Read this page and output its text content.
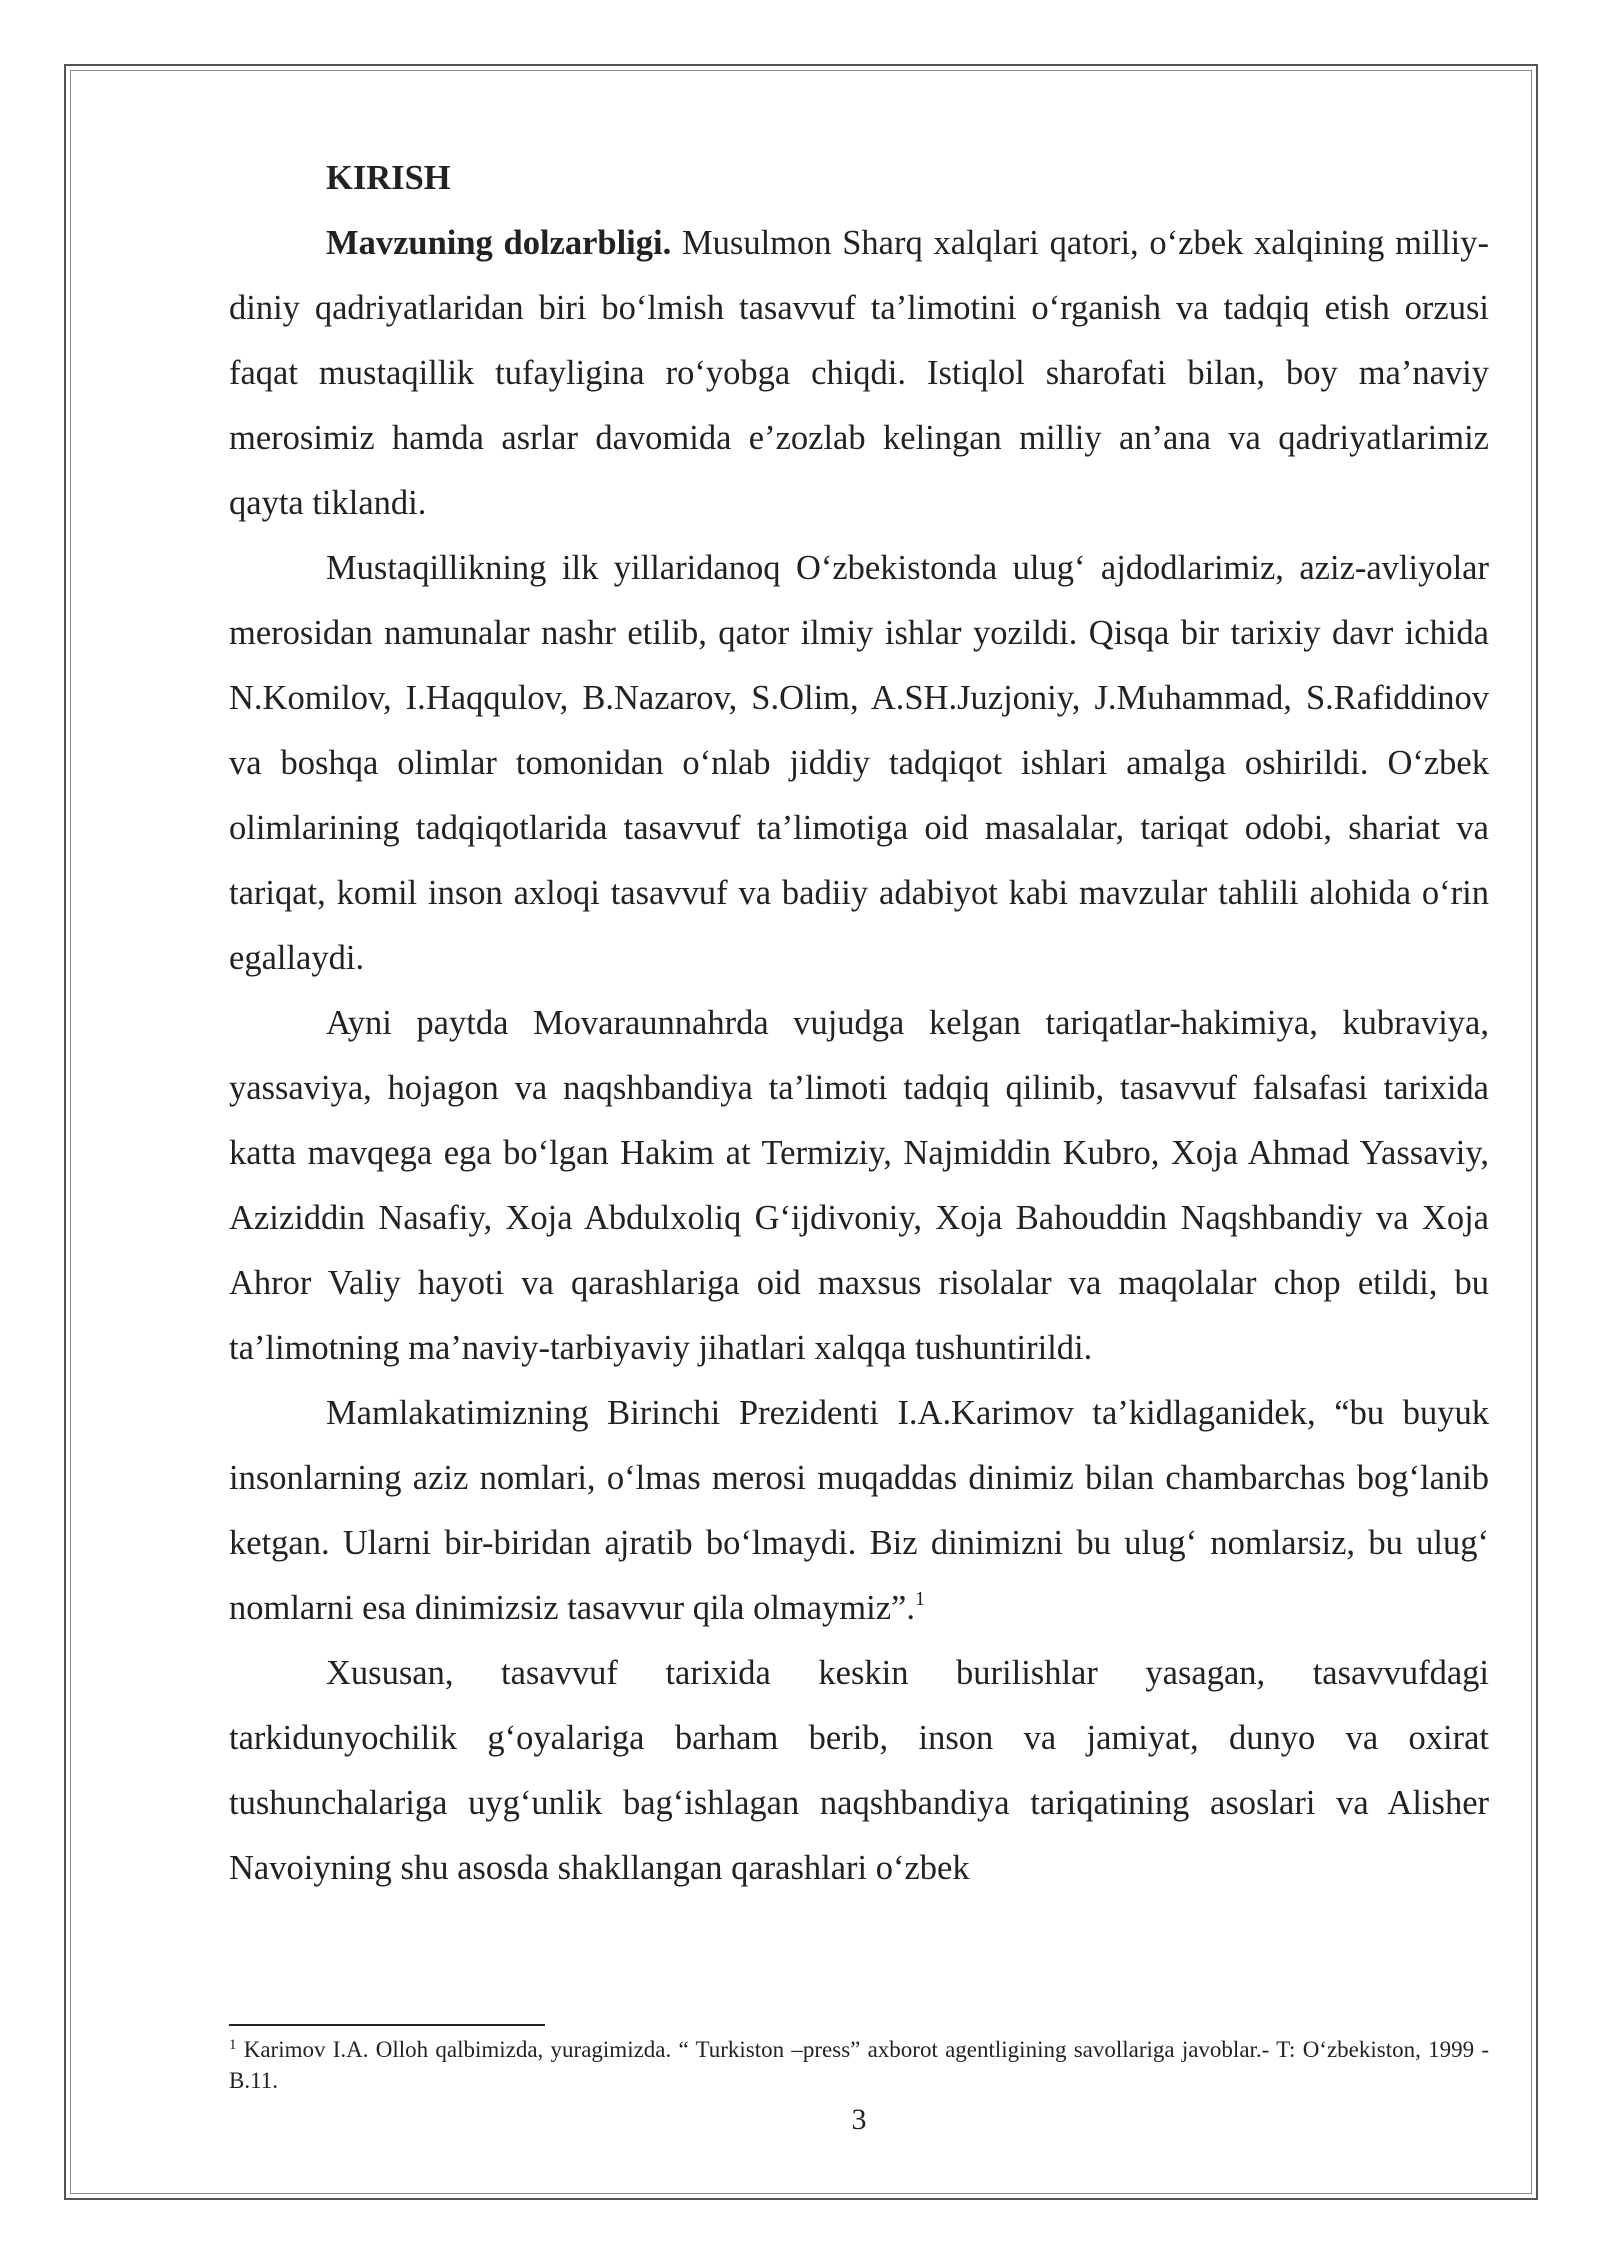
KIRISH

Mavzuning dolzarbligi. Musulmon Sharq xalqlari qatori, o‘zbek xalqining milliy-diniy qadriyatlaridan biri bo‘lmish tasavvuf ta’limotini o‘rganish va tadqiq etish orzusi faqat mustaqillik tufayligina ro‘yobga chiqdi. Istiqlol sharofati bilan, boy ma’naviy merosimiz hamda asrlar davomida e’zozlab kelingan milliy an’ana va qadriyatlarimiz qayta tiklandi.

Mustaqillikning ilk yillaridanoq O‘zbekistonda ulug‘ ajdodlarimiz, aziz-avliyolar merosidan namunalar nashr etilib, qator ilmiy ishlar yozildi. Qisqa bir tarixiy davr ichida N.Komilov, I.Haqqulov, B.Nazarov, S.Olim, A.SH.Juzjoniy, J.Muhammad, S.Rafiddinov va boshqa olimlar tomonidan o‘nlab jiddiy tadqiqot ishlari amalga oshirildi. O‘zbek olimlarining tadqiqotlarida tasavvuf ta’limotiga oid masalalar, tariqat odobi, shariat va tariqat, komil inson axloqi tasavvuf va badiiy adabiyot kabi mavzular tahlili alohida o‘rin egallaydi.

Ayni paytda Movaraunnahrda vujudga kelgan tariqatlar-hakimiya, kubraviya, yassaviya, hojagon va naqshbandiya ta’limoti tadqiq qilinib, tasavvuf falsafasi tarixida katta mavqega ega bo‘lgan Hakim at Termiziy, Najmiddin Kubro, Xoja Ahmad Yassaviy, Aziziddin Nasafiy, Xoja Abdulxoliq G‘ijdivoniy, Xoja Bahouddin Naqshbandiy va Xoja Ahror Valiy hayoti va qarashlariga oid maxsus risolalar va maqolalar chop etildi, bu ta’limotning ma’naviy-tarbiyaviy jihatlari xalqqa tushuntirildi.

Mamlakatimizning Birinchi Prezidenti I.A.Karimov ta’kidlaganidek, “bu buyuk insonlarning aziz nomlari, o‘lmas merosi muqaddas dinimiz bilan chambarchas bog‘lanib ketgan. Ularni bir-biridan ajratib bo‘lmaydi. Biz dinimizni bu ulug‘ nomlarsiz, bu ulug‘ nomlarni esa dinimizsiz tasavvur qila olmaymiz”.$^1$

Xususan, tasavvuf tarixida keskin burilishlar yasagan, tasavvufdagi tarkidunyochilik g‘oyalariga barham berib, inson va jamiyat, dunyo va oxirat tushunchalariga uyg‘unlik bag‘ishlagan naqshbandiya tariqatining asoslari va Alisher Navoiyning shu asosda shakllangan qarashlari o‘zbek

$^1$ Karimov I.A. Olloh qalbimizda, yuragimizda. “ Turkiston –press” axborot agentligining savollariga javoblar.- T: O‘zbekiston, 1999 -B.11.

3
